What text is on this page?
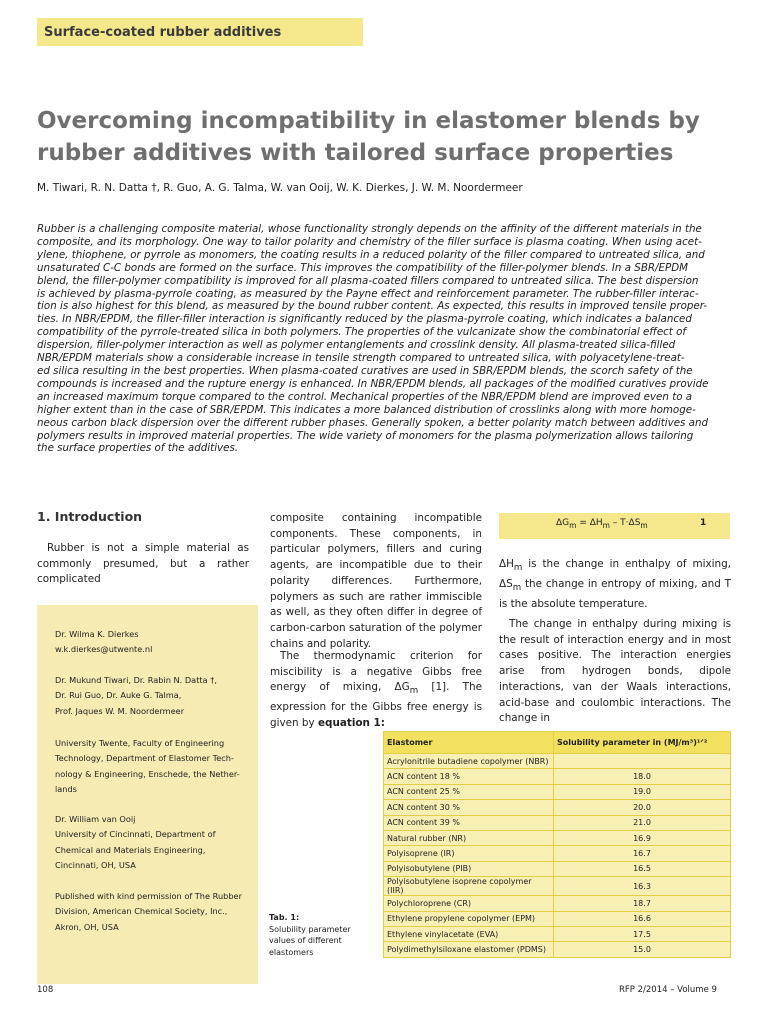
Surface-coated rubber additives
Overcoming incompatibility in elastomer blends by
rubber additives with tailored surface properties
M. Tiwari, R. N. Datta †, R. Guo, A. G. Talma, W. van Ooij, W. K. Dierkes, J. W. M. Noordermeer
Rubber is a challenging composite material, whose functionality strongly depends on the affinity of the different materials in the
composite, and its morphology. One way to tailor polarity and chemistry of the filler surface is plasma coating. When using acet-
ylene, thiophene, or pyrrole as monomers, the coating results in a reduced polarity of the filler compared to untreated silica, and
unsaturated C-C bonds are formed on the surface. This improves the compatibility of the filler-polymer blends. In a SBR/EPDM
blend, the filler-polymer compatibility is improved for all plasma-coated fillers compared to untreated silica. The best dispersion
is achieved by plasma-pyrrole coating, as measured by the Payne effect and reinforcement parameter. The rubber-filler interac-
tion is also highest for this blend, as measured by the bound rubber content. As expected, this results in improved tensile proper-
ties. In NBR/EPDM, the filler-filler interaction is significantly reduced by the plasma-pyrrole coating, which indicates a balanced
compatibility of the pyrrole-treated silica in both polymers. The properties of the vulcanizate show the combinatorial effect of
dispersion, filler-polymer interaction as well as polymer entanglements and crosslink density. All plasma-treated silica-filled
NBR/EPDM materials show a considerable increase in tensile strength compared to untreated silica, with polyacetylene-treat-
ed silica resulting in the best properties. When plasma-coated curatives are used in SBR/EPDM blends, the scorch safety of the
compounds is increased and the rupture energy is enhanced. In NBR/EPDM blends, all packages of the modified curatives provide
an increased maximum torque compared to the control. Mechanical properties of the NBR/EPDM blend are improved even to a
higher extent than in the case of SBR/EPDM. This indicates a more balanced distribution of crosslinks along with more homoge-
neous carbon black dispersion over the different rubber phases. Generally spoken, a better polarity match between additives and
polymers results in improved material properties. The wide variety of monomers for the plasma polymerization allows tailoring
the surface properties of the additives.
1. Introduction
Rubber is not a simple material as commonly presumed, but a rather complicated
Dr. Wilma K. Dierkes
w.k.dierkes@utwente.nl
Dr. Mukund Tiwari, Dr. Rabin N. Datta †,
Dr. Rui Guo, Dr. Auke G. Talma,
Prof. Jaques W. M. Noordermeer
University Twente, Faculty of Engineering
Technology, Department of Elastomer Tech-
nology & Engineering, Enschede, the Nether-
lands
Dr. William van Ooij
University of Cincinnati, Department of
Chemical and Materials Engineering,
Cincinnati, OH, USA
Published with kind permission of The Rubber
Division, American Chemical Society, Inc.,
Akron, OH, USA
composite containing incompatible components. These components, in particular polymers, fillers and curing agents, are incompatible due to their polarity differences. Furthermore, polymers as such are rather immiscible as well, as they often differ in degree of carbon-carbon saturation of the polymer chains and polarity.
The thermodynamic criterion for miscibility is a negative Gibbs free energy of mixing, $\Delta G_m$ [1]. The expression for the Gibbs free energy is given by equation 1:
$\Delta G_m = \Delta H_m - T\cdot\Delta S_m$	1
$\Delta H_m$ is the change in enthalpy of mixing, $\Delta S_m$ the change in entropy of mixing, and T is the absolute temperature.
The change in enthalpy during mixing is the result of interaction energy and in most cases positive. The interaction energies arise from hydrogen bonds, dipole interactions, van der Waals interactions, acid-base and coulombic interactions. The change in
Tab. 1:
Solubility parameter values of different elastomers
Elastomer	Solubility parameter in (MJ/m³)¹ᐟ²
Acrylonitrile butadiene copolymer (NBR)	
ACN content 18 %	18.0
ACN content 25 %	19.0
ACN content 30 %	20.0
ACN content 39 %	21.0
Natural rubber (NR)	16.9
Polyisoprene (IR)	16.7
Polyisobutylene (PIB)	16.5
Polyisobutylene isoprene copolymer (IIR)	16.3
Polychloroprene (CR)	18.7
Ethylene propylene copolymer (EPM)	16.6
Ethylene vinylacetate (EVA)	17.5
Polydimethylsiloxane elastomer (PDMS)	15.0
108	RFP 2/2014 – Volume 9
